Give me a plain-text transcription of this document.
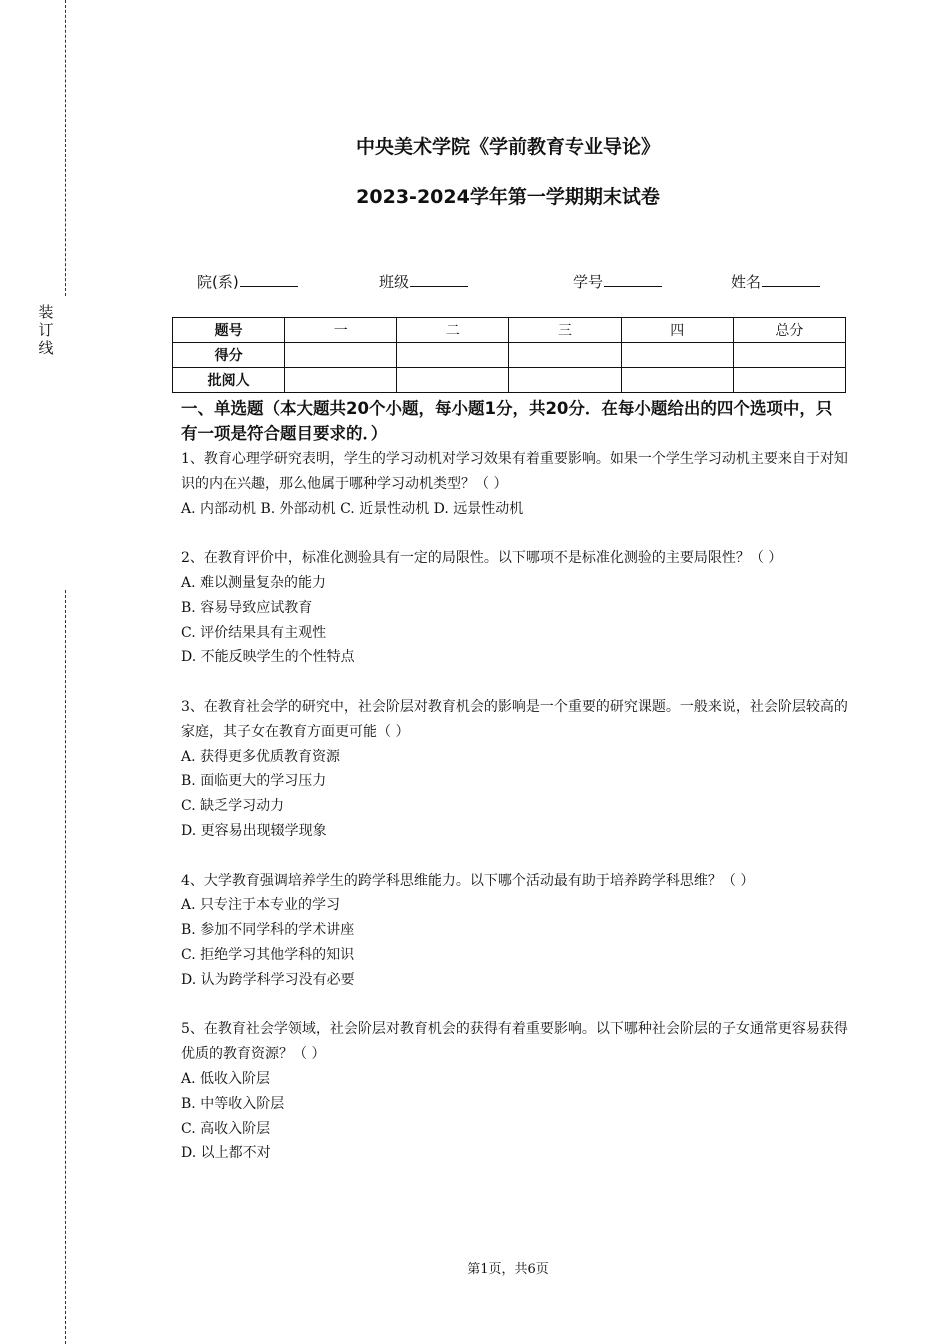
装
订
线
中央美术学院《学前教育专业导论》
2023-2024学年第一学期期末试卷
院(系)	班级	学号	姓名
题号	一	二	三	四	总分
得分					
批阅人					
一、单选题（本大题共20个小题，每小题1分，共20分．在每小题给出的四个选项中，只有一项是符合题目要求的．）

1、教育心理学研究表明，学生的学习动机对学习效果有着重要影响。如果一个学生学习动机主要来自于对知识的内在兴趣，那么他属于哪种学习动机类型？（ ）

A. 内部动机 B. 外部动机 C. 近景性动机 D. 远景性动机

2、在教育评价中，标准化测验具有一定的局限性。以下哪项不是标准化测验的主要局限性？（ ）

A. 难以测量复杂的能力

B. 容易导致应试教育

C. 评价结果具有主观性

D. 不能反映学生的个性特点

3、在教育社会学的研究中，社会阶层对教育机会的影响是一个重要的研究课题。一般来说，社会阶层较高的家庭，其子女在教育方面更可能（ ）

A. 获得更多优质教育资源

B. 面临更大的学习压力

C. 缺乏学习动力

D. 更容易出现辍学现象

4、大学教育强调培养学生的跨学科思维能力。以下哪个活动最有助于培养跨学科思维？（ ）

A. 只专注于本专业的学习

B. 参加不同学科的学术讲座

C. 拒绝学习其他学科的知识

D. 认为跨学科学习没有必要

5、在教育社会学领域，社会阶层对教育机会的获得有着重要影响。以下哪种社会阶层的子女通常更容易获得优质的教育资源？（ ）

A. 低收入阶层

B. 中等收入阶层

C. 高收入阶层

D. 以上都不对

第1页，共6页
